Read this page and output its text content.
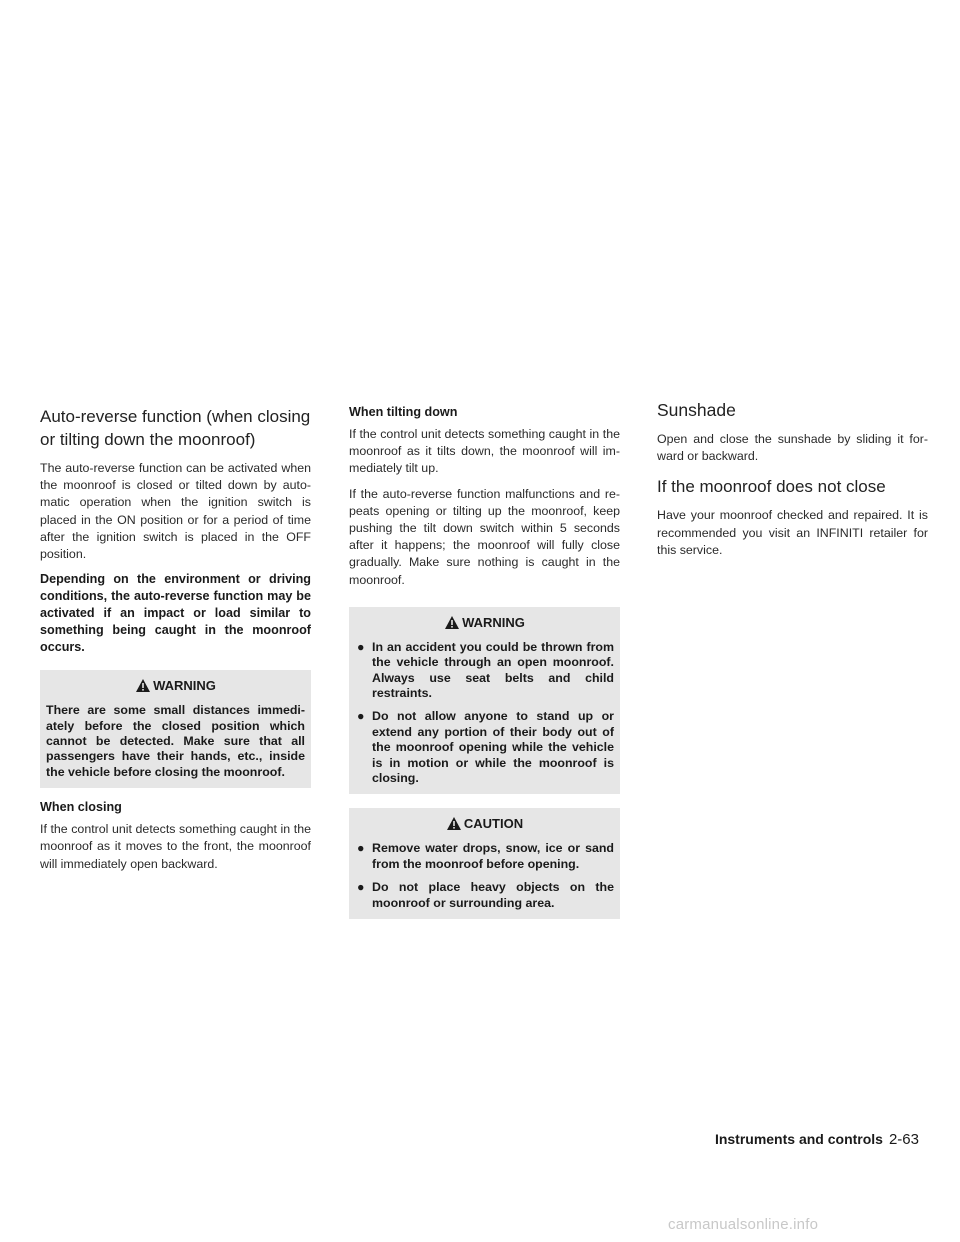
Auto-reverse function (when closing or tilting down the moonroof)

The auto-reverse function can be activated when the moonroof is closed or tilted down by auto-matic operation when the ignition switch is placed in the ON position or for a period of time after the ignition switch is placed in the OFF position.

Depending on the environment or driving conditions, the auto-reverse function may be activated if an impact or load similar to something being caught in the moonroof occurs.

WARNING

There are some small distances immedi-ately before the closed position which cannot be detected. Make sure that all passengers have their hands, etc., inside the vehicle before closing the moonroof.

When closing

If the control unit detects something caught in the moonroof as it moves to the front, the moonroof will immediately open backward.

When tilting down

If the control unit detects something caught in the moonroof as it tilts down, the moonroof will im-mediately tilt up.

If the auto-reverse function malfunctions and re-peats opening or tilting up the moonroof, keep pushing the tilt down switch within 5 seconds after it happens; the moonroof will fully close gradually. Make sure nothing is caught in the moonroof.

WARNING
● In an accident you could be thrown from the vehicle through an open moonroof. Always use seat belts and child restraints.
● Do not allow anyone to stand up or extend any portion of their body out of the moonroof opening while the vehicle is in motion or while the moonroof is closing.
CAUTION
● Remove water drops, snow, ice or sand from the moonroof before opening.
● Do not place heavy objects on the moonroof or surrounding area.
Sunshade

Open and close the sunshade by sliding it for-ward or backward.

If the moonroof does not close

Have your moonroof checked and repaired. It is recommended you visit an INFINITI retailer for this service.

Instruments and controls 2-63
carmanualsonline.info
